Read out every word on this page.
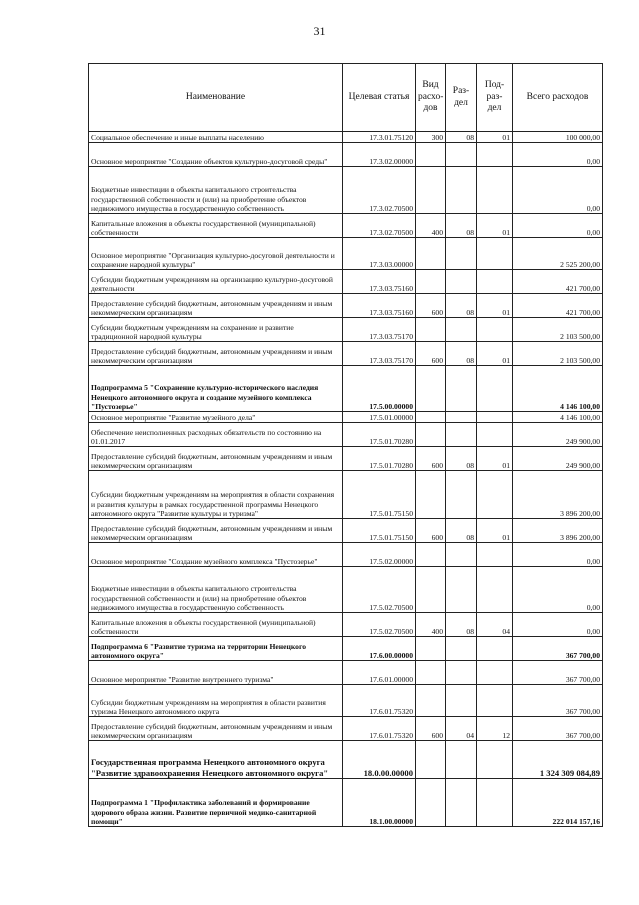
31
Наименование	Целевая статья	Вид расхо- дов	Раз- дел	Под- раз- дел	Всего расходов
Социальное обеспечение и иные выплаты населению	17.3.01.75120	300	08	01	100 000,00
Основное мероприятие "Создание объектов культурно-досуговой среды"	17.3.02.00000				0,00
Бюджетные инвестиции в объекты капитального строительства государственной собственности и (или) на приобретение объектов недвижимого имущества в государственную собственность	17.3.02.70500				0,00
Капитальные вложения в объекты государственной (муниципальной) собственности	17.3.02.70500	400	08	01	0,00
Основное мероприятие "Организация культурно-досуговой деятельности и сохранение народной культуры"	17.3.03.00000				2 525 200,00
Субсидии бюджетным учреждениям на организацию культурно-досуговой деятельности	17.3.03.75160				421 700,00
Предоставление субсидий бюджетным, автономным учреждениям и иным некоммерческим организациям	17.3.03.75160	600	08	01	421 700,00
Субсидии бюджетным учреждениям на сохранение и развитие традиционной народной культуры	17.3.03.75170				2 103 500,00
Предоставление субсидий бюджетным, автономным учреждениям и иным некоммерческим организациям	17.3.03.75170	600	08	01	2 103 500,00
Подпрограмма 5 "Сохранение культурно-исторического наследия Ненецкого автономного округа и создание музейного комплекса "Пустозерье"	17.5.00.00000				4 146 100,00
Основное мероприятие "Развитие музейного дела"	17.5.01.00000				4 146 100,00
Обеспечение неисполненных расходных обязательств по состоянию на 01.01.2017	17.5.01.70280				249 900,00
Предоставление субсидий бюджетным, автономным учреждениям и иным некоммерческим организациям	17.5.01.70280	600	08	01	249 900,00
Субсидии бюджетным учреждениям на мероприятия в области сохранения и развития культуры в рамках государственной программы Ненецкого автономного округа "Развитие культуры и туризма"	17.5.01.75150				3 896 200,00
Предоставление субсидий бюджетным, автономным учреждениям и иным некоммерческим организациям	17.5.01.75150	600	08	01	3 896 200,00
Основное мероприятие "Создание музейного комплекса "Пустозерье"	17.5.02.00000				0,00
Бюджетные инвестиции в объекты капитального строительства государственной собственности и (или) на приобретение объектов недвижимого имущества в государственную собственность	17.5.02.70500				0,00
Капитальные вложения в объекты государственной (муниципальной) собственности	17.5.02.70500	400	08	04	0,00
Подпрограмма 6 "Развитие туризма на территории Ненецкого автономного округа"	17.6.00.00000				367 700,00
Основное мероприятие "Развитие внутреннего туризма"	17.6.01.00000				367 700,00
Субсидии бюджетным учреждениям на мероприятия в области развития туризма Ненецкого автономного округа	17.6.01.75320				367 700,00
Предоставление субсидий бюджетным, автономным учреждениям и иным некоммерческим организациям	17.6.01.75320	600	04	12	367 700,00
Государственная программа Ненецкого автономного округа "Развитие здравоохранения Ненецкого автономного округа"	18.0.00.00000				1 324 309 084,89
Подпрограмма 1 "Профилактика заболеваний и формирование здорового образа жизни. Развитие первичной медико-санитарной помощи"	18.1.00.00000				222 014 157,16
